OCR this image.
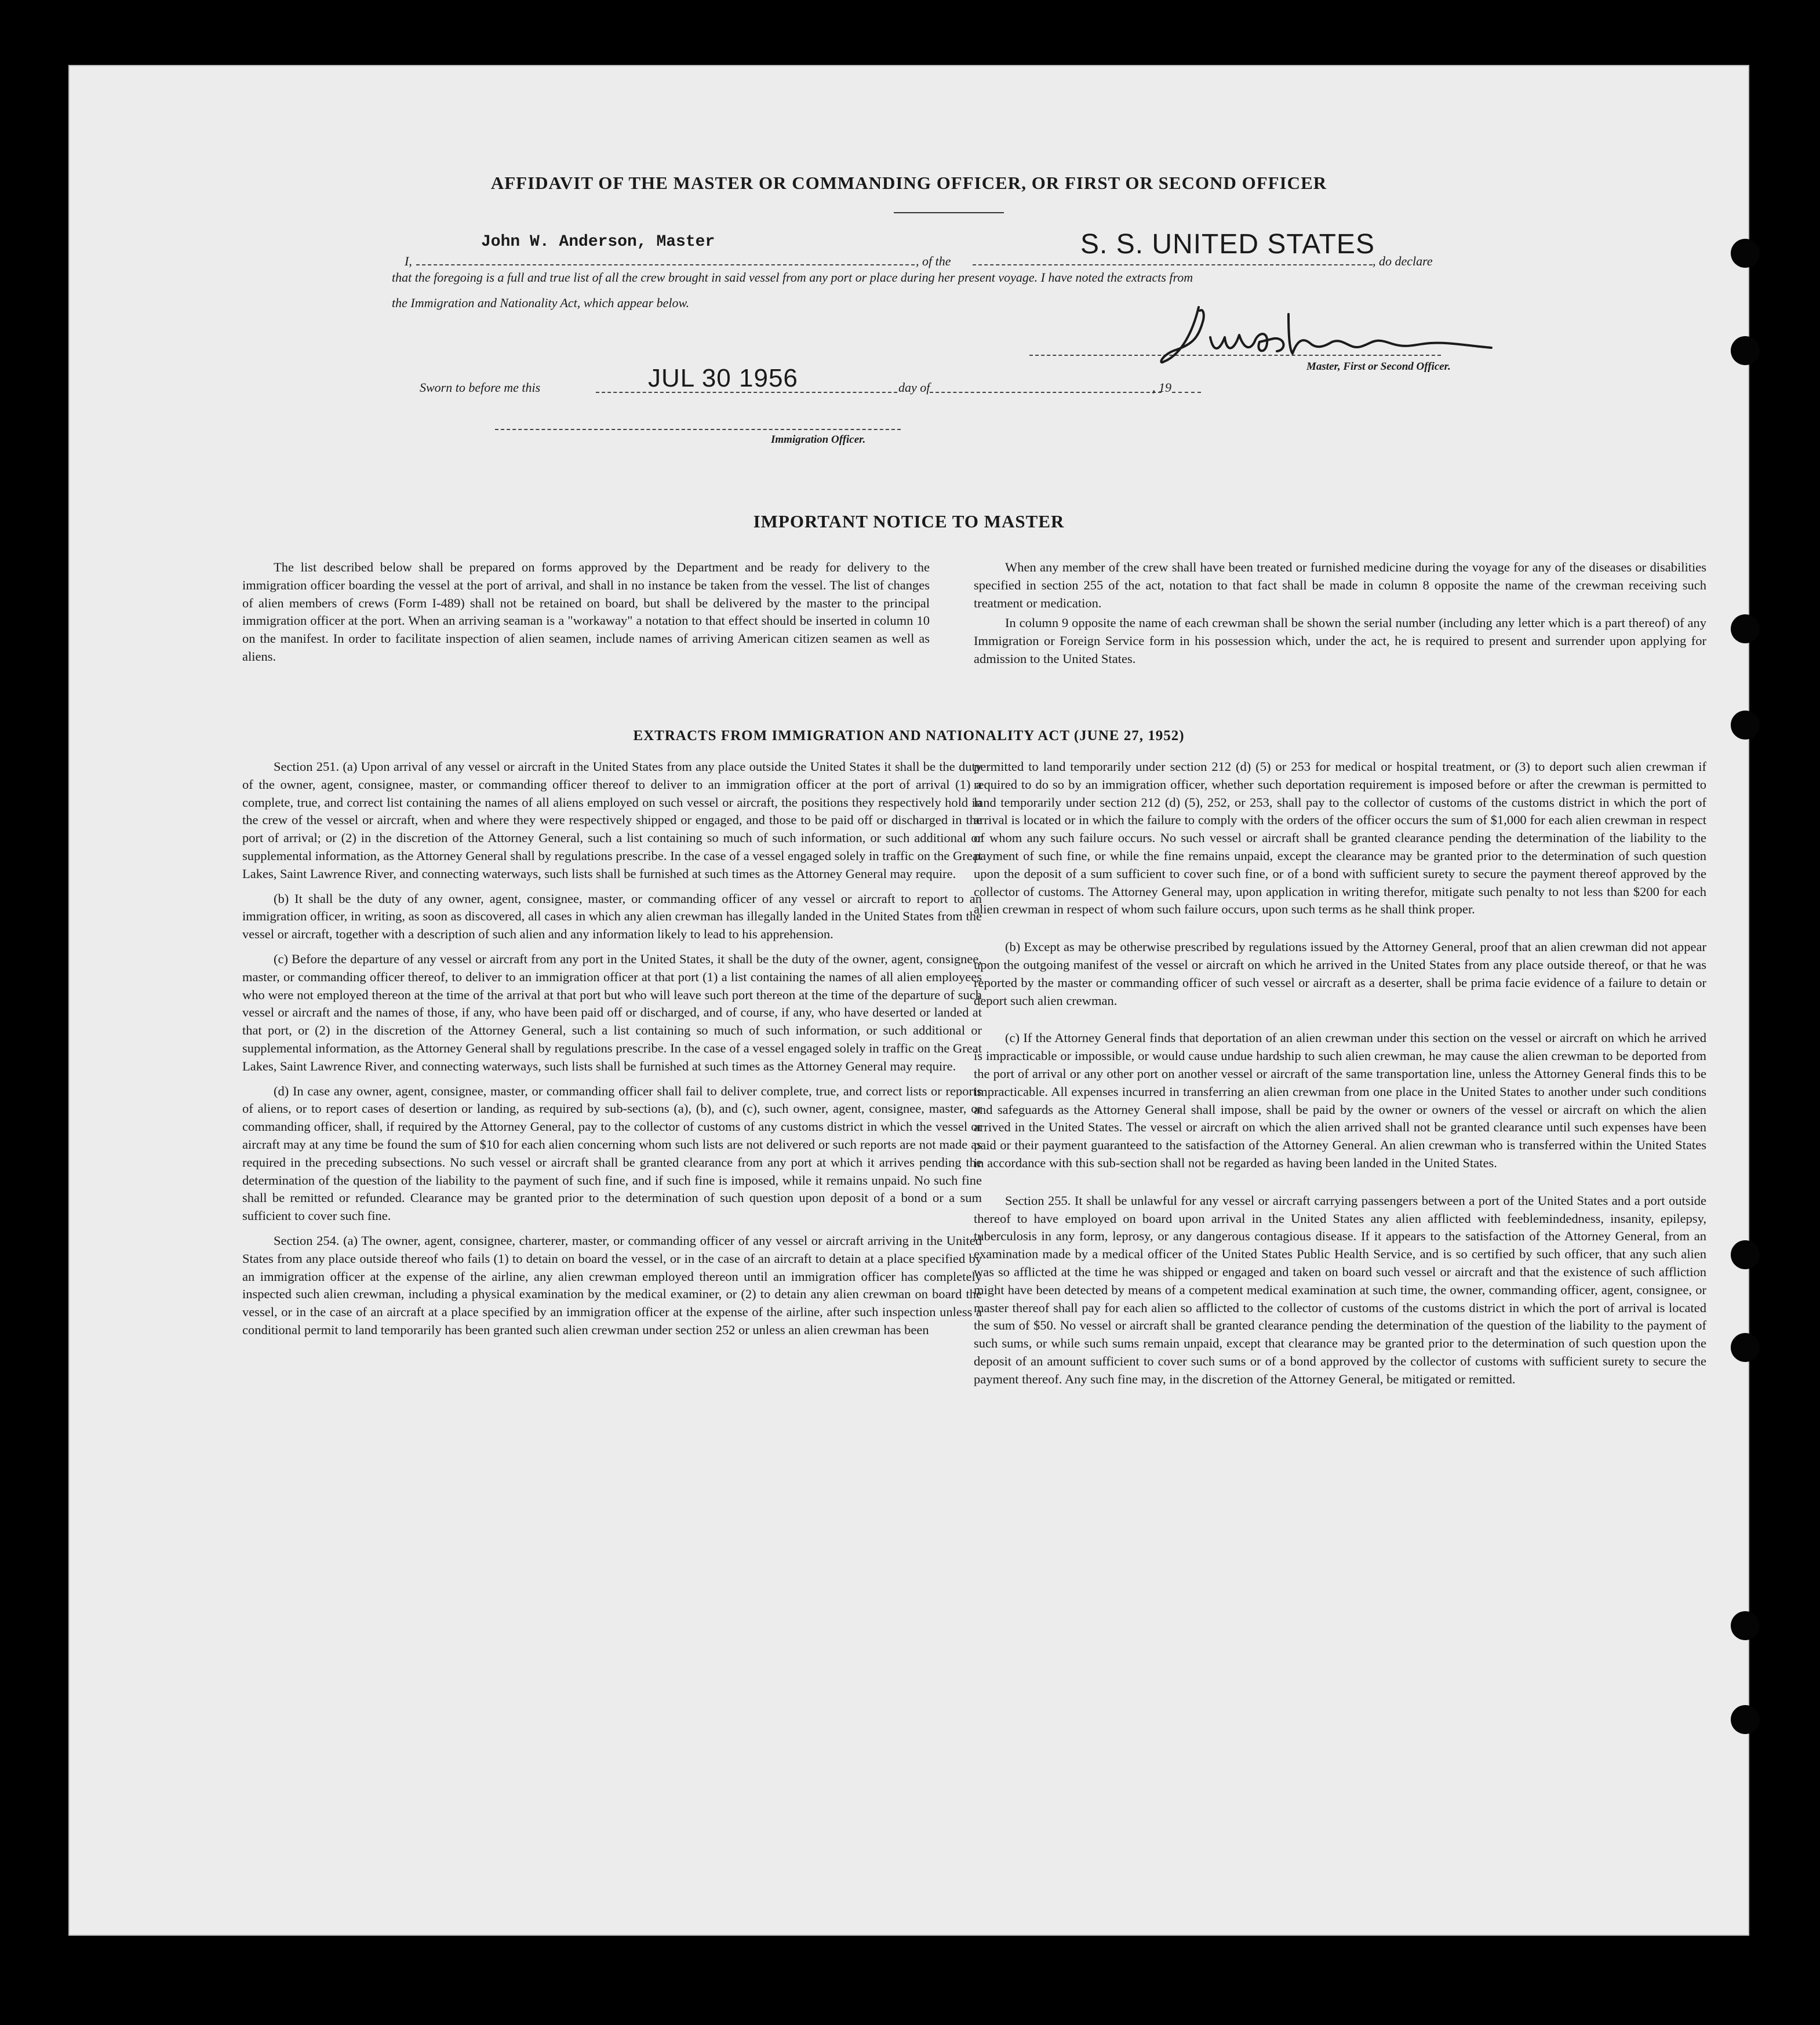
AFFIDAVIT OF THE MASTER OR COMMANDING OFFICER, OR FIRST OR SECOND OFFICER
I,
John W. Anderson, Master
, of the
S. S. UNITED STATES
, do declare
that the foregoing is a full and true list of all the crew brought in said vessel from any port or place during her present voyage. I have noted the extracts from
the Immigration and Nationality Act, which appear below.
Master, First or Second Officer.
Sworn to before me this	JUL 30 1956	day of	, 19
Immigration Officer.
IMPORTANT NOTICE TO MASTER

The list described below shall be prepared on forms approved by the Department and be ready for delivery to the immigration officer boarding the vessel at the port of arrival, and shall in no instance be taken from the vessel. The list of changes of alien members of crews (Form I-489) shall not be retained on board, but shall be delivered by the master to the principal immigration officer at the port. When an arriving seaman is a "workaway" a notation to that effect should be inserted in column 10 on the manifest. In order to facilitate inspection of alien seamen, include names of arriving American citizen seamen as well as aliens.

When any member of the crew shall have been treated or furnished medicine during the voyage for any of the diseases or disabilities specified in section 255 of the act, notation to that fact shall be made in column 8 opposite the name of the crewman receiving such treatment or medication.

In column 9 opposite the name of each crewman shall be shown the serial number (including any letter which is a part thereof) of any Immigration or Foreign Service form in his possession which, under the act, he is required to present and surrender upon applying for admission to the United States.

EXTRACTS FROM IMMIGRATION AND NATIONALITY ACT (JUNE 27, 1952)

Section 251. (a) Upon arrival of any vessel or aircraft in the United States from any place outside the United States it shall be the duty of the owner, agent, consignee, master, or commanding officer thereof to deliver to an immigration officer at the port of arrival (1) a complete, true, and correct list containing the names of all aliens employed on such vessel or aircraft, the positions they respectively hold in the crew of the vessel or aircraft, when and where they were respectively shipped or engaged, and those to be paid off or discharged in the port of arrival; or (2) in the discretion of the Attorney General, such a list containing so much of such information, or such additional or supplemental information, as the Attorney General shall by regulations prescribe. In the case of a vessel engaged solely in traffic on the Great Lakes, Saint Lawrence River, and connecting waterways, such lists shall be furnished at such times as the Attorney General may require.

(b) It shall be the duty of any owner, agent, consignee, master, or commanding officer of any vessel or aircraft to report to an immigration officer, in writing, as soon as discovered, all cases in which any alien crewman has illegally landed in the United States from the vessel or aircraft, together with a description of such alien and any information likely to lead to his apprehension.

(c) Before the departure of any vessel or aircraft from any port in the United States, it shall be the duty of the owner, agent, consignee, master, or commanding officer thereof, to deliver to an immigration officer at that port (1) a list containing the names of all alien employees who were not employed thereon at the time of the arrival at that port but who will leave such port thereon at the time of the departure of such vessel or aircraft and the names of those, if any, who have been paid off or discharged, and of course, if any, who have deserted or landed at that port, or (2) in the discretion of the Attorney General, such a list containing so much of such information, or such additional or supplemental information, as the Attorney General shall by regulations prescribe. In the case of a vessel engaged solely in traffic on the Great Lakes, Saint Lawrence River, and connecting waterways, such lists shall be furnished at such times as the Attorney General may require.

(d) In case any owner, agent, consignee, master, or commanding officer shall fail to deliver complete, true, and correct lists or reports of aliens, or to report cases of desertion or landing, as required by sub-sections (a), (b), and (c), such owner, agent, consignee, master, or commanding officer, shall, if required by the Attorney General, pay to the collector of customs of any customs district in which the vessel or aircraft may at any time be found the sum of $10 for each alien concerning whom such lists are not delivered or such reports are not made as required in the preceding subsections. No such vessel or aircraft shall be granted clearance from any port at which it arrives pending the determination of the question of the liability to the payment of such fine, and if such fine is imposed, while it remains unpaid. No such fine shall be remitted or refunded. Clearance may be granted prior to the determination of such question upon deposit of a bond or a sum sufficient to cover such fine.

Section 254. (a) The owner, agent, consignee, charterer, master, or commanding officer of any vessel or aircraft arriving in the United States from any place outside thereof who fails (1) to detain on board the vessel, or in the case of an aircraft to detain at a place specified by an immigration officer at the expense of the airline, any alien crewman employed thereon until an immigration officer has completely inspected such alien crewman, including a physical examination by the medical examiner, or (2) to detain any alien crewman on board the vessel, or in the case of an aircraft at a place specified by an immigration officer at the expense of the airline, after such inspection unless a conditional permit to land temporarily has been granted such alien crewman under section 252 or unless an alien crewman has been

permitted to land temporarily under section 212 (d) (5) or 253 for medical or hospital treatment, or (3) to deport such alien crewman if required to do so by an immigration officer, whether such deportation requirement is imposed before or after the crewman is permitted to land temporarily under section 212 (d) (5), 252, or 253, shall pay to the collector of customs of the customs district in which the port of arrival is located or in which the failure to comply with the orders of the officer occurs the sum of $1,000 for each alien crewman in respect of whom any such failure occurs. No such vessel or aircraft shall be granted clearance pending the determination of the liability to the payment of such fine, or while the fine remains unpaid, except the clearance may be granted prior to the determination of such question upon the deposit of a sum sufficient to cover such fine, or of a bond with sufficient surety to secure the payment thereof approved by the collector of customs. The Attorney General may, upon application in writing therefor, mitigate such penalty to not less than $200 for each alien crewman in respect of whom such failure occurs, upon such terms as he shall think proper.

(b) Except as may be otherwise prescribed by regulations issued by the Attorney General, proof that an alien crewman did not appear upon the outgoing manifest of the vessel or aircraft on which he arrived in the United States from any place outside thereof, or that he was reported by the master or commanding officer of such vessel or aircraft as a deserter, shall be prima facie evidence of a failure to detain or deport such alien crewman.

(c) If the Attorney General finds that deportation of an alien crewman under this section on the vessel or aircraft on which he arrived is impracticable or impossible, or would cause undue hardship to such alien crewman, he may cause the alien crewman to be deported from the port of arrival or any other port on another vessel or aircraft of the same transportation line, unless the Attorney General finds this to be impracticable. All expenses incurred in transferring an alien crewman from one place in the United States to another under such conditions and safeguards as the Attorney General shall impose, shall be paid by the owner or owners of the vessel or aircraft on which the alien arrived in the United States. The vessel or aircraft on which the alien arrived shall not be granted clearance until such expenses have been paid or their payment guaranteed to the satisfaction of the Attorney General. An alien crewman who is transferred within the United States in accordance with this sub-section shall not be regarded as having been landed in the United States.

Section 255. It shall be unlawful for any vessel or aircraft carrying passengers between a port of the United States and a port outside thereof to have employed on board upon arrival in the United States any alien afflicted with feeblemindedness, insanity, epilepsy, tuberculosis in any form, leprosy, or any dangerous contagious disease. If it appears to the satisfaction of the Attorney General, from an examination made by a medical officer of the United States Public Health Service, and is so certified by such officer, that any such alien was so afflicted at the time he was shipped or engaged and taken on board such vessel or aircraft and that the existence of such affliction might have been detected by means of a competent medical examination at such time, the owner, commanding officer, agent, consignee, or master thereof shall pay for each alien so afflicted to the collector of customs of the customs district in which the port of arrival is located the sum of $50. No vessel or aircraft shall be granted clearance pending the determination of the question of the liability to the payment of such sums, or while such sums remain unpaid, except that clearance may be granted prior to the determination of such question upon the deposit of an amount sufficient to cover such sums or of a bond approved by the collector of customs with sufficient surety to secure the payment thereof. Any such fine may, in the discretion of the Attorney General, be mitigated or remitted.
